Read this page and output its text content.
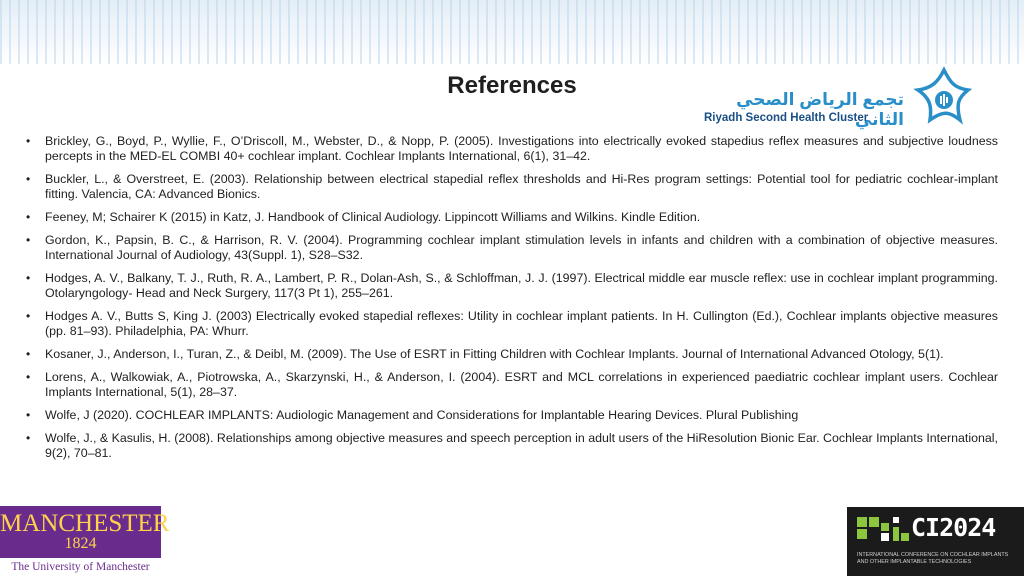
References
تجمع الرياض الصحي الثاني
Riyadh Second Health Cluster
• Brickley, G., Boyd, P., Wyllie, F., O’Driscoll, M., Webster, D., & Nopp, P. (2005). Investigations into electrically evoked stapedius reflex measures and subjective loudness percepts in the MED-EL COMBI 40+ cochlear implant. Cochlear Implants International, 6(1), 31–42.
• Buckler, L., & Overstreet, E. (2003). Relationship between electrical stapedial reflex thresholds and Hi-Res program settings: Potential tool for pediatric cochlear-implant fitting. Valencia, CA: Advanced Bionics.
• Feeney, M; Schairer K (2015) in Katz, J. Handbook of Clinical Audiology. Lippincott Williams and Wilkins. Kindle Edition.
• Gordon, K., Papsin, B. C., & Harrison, R. V. (2004). Programming cochlear implant stimulation levels in infants and children with a combination of objective measures. International Journal of Audiology, 43(Suppl. 1), S28–S32.
• Hodges, A. V., Balkany, T. J., Ruth, R. A., Lambert, P. R., Dolan-Ash, S., & Schloffman, J. J. (1997). Electrical middle ear muscle reflex: use in cochlear implant programming. Otolaryngology- Head and Neck Surgery, 117(3 Pt 1), 255–261.
• Hodges A. V., Butts S, King J. (2003) Electrically evoked stapedial reflexes: Utility in cochlear implant patients. In H. Cullington (Ed.), Cochlear implants objective measures (pp. 81–93). Philadelphia, PA: Whurr.
• Kosaner, J., Anderson, I., Turan, Z., & Deibl, M. (2009). The Use of ESRT in Fitting Children with Cochlear Implants. Journal of International Advanced Otology, 5(1).
• Lorens, A., Walkowiak, A., Piotrowska, A., Skarzynski, H., & Anderson, I. (2004). ESRT and MCL correlations in experienced paediatric cochlear implant users. Cochlear Implants International, 5(1), 28–37.
• Wolfe, J (2020). COCHLEAR IMPLANTS: Audiologic Management and Considerations for Implantable Hearing Devices. Plural Publishing
• Wolfe, J., & Kasulis, H. (2008). Relationships among objective measures and speech perception in adult users of the HiResolution Bionic Ear. Cochlear Implants International, 9(2), 70–81.
MANCHESTER
1824
The University of Manchester
CI2024
INTERNATIONAL CONFERENCE ON COCHLEAR IMPLANTS AND OTHER IMPLANTABLE TECHNOLOGIES
